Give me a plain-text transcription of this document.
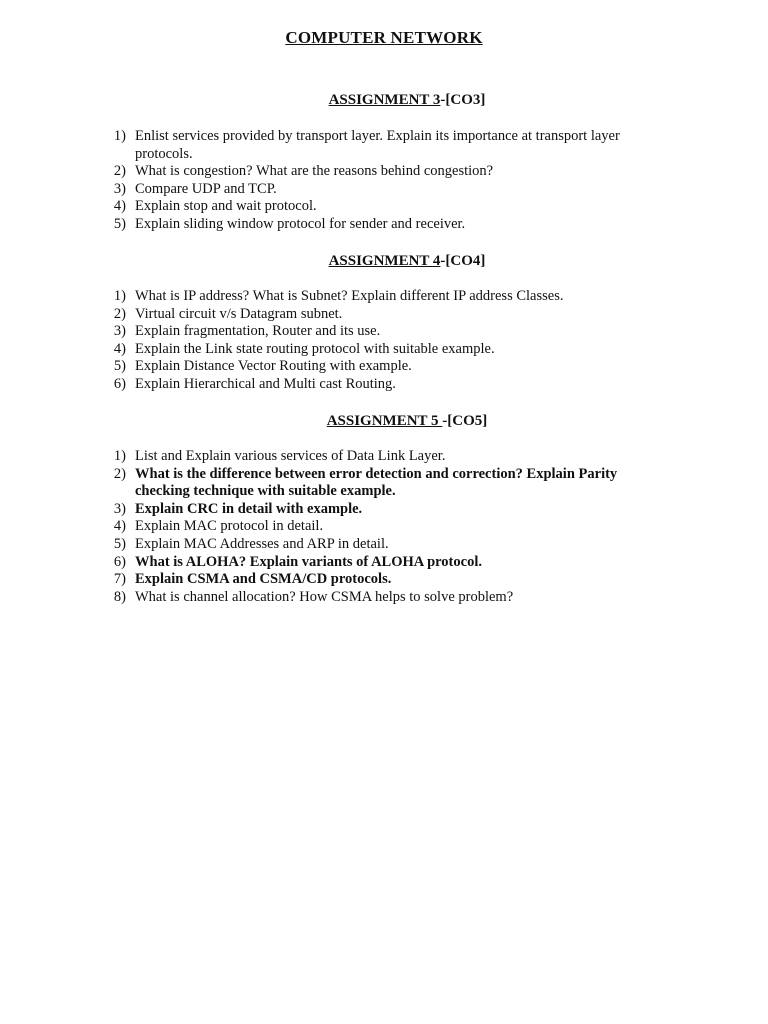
COMPUTER NETWORK
ASSIGNMENT 3-[CO3]
1) Enlist services provided by transport layer. Explain its importance at transport layer protocols.
2) What is congestion? What are the reasons behind congestion?
3) Compare UDP and TCP.
4) Explain stop and wait protocol.
5) Explain sliding window protocol for sender and receiver.
ASSIGNMENT 4-[CO4]
1) What is IP address? What is Subnet? Explain different IP address Classes.
2) Virtual circuit v/s Datagram subnet.
3) Explain fragmentation, Router and its use.
4) Explain the Link state routing protocol with suitable example.
5) Explain Distance Vector Routing with example.
6) Explain Hierarchical and Multi cast Routing.
ASSIGNMENT 5 -[CO5]
1) List and Explain various services of Data Link Layer.
2) What is the difference between error detection and correction? Explain Parity checking technique with suitable example.
3) Explain CRC in detail with example.
4) Explain MAC protocol in detail.
5) Explain MAC Addresses and ARP in detail.
6) What is ALOHA? Explain variants of ALOHA protocol.
7) Explain CSMA and CSMA/CD protocols.
8) What is channel allocation? How CSMA helps to solve problem?
